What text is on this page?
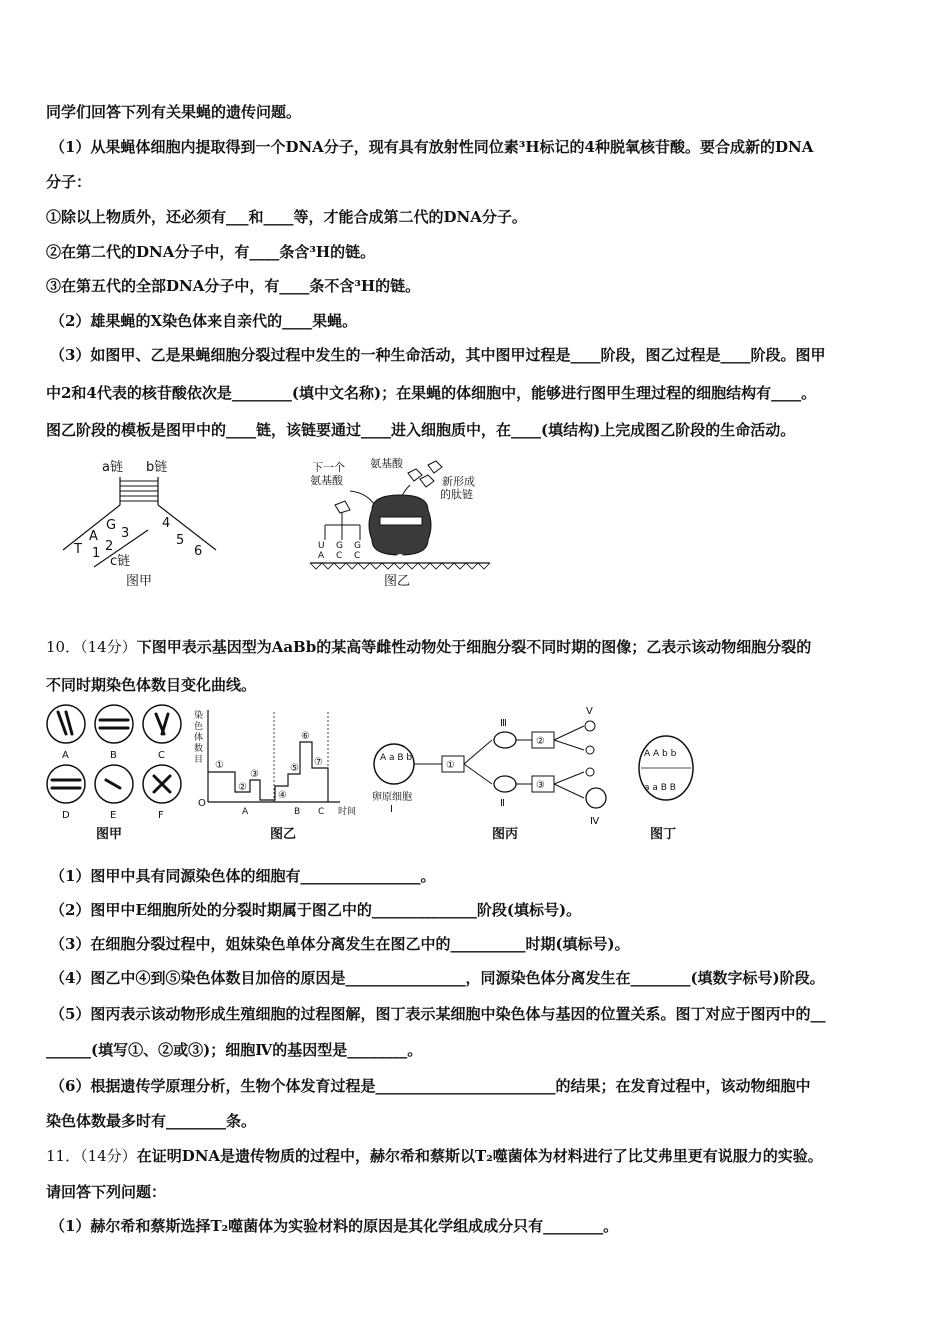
同学们回答下列有关果蝇的遗传问题。
（1）从果蝇体细胞内提取得到一个DNA分子，现有具有放射性同位素³H标记的4种脱氧核苷酸。要合成新的DNA
分子：
①除以上物质外，还必须有___和____等，才能合成第二代的DNA分子。
②在第二代的DNA分子中，有____条含³H的链。
③在第五代的全部DNA分子中，有____条不含³H的链。
（2）雄果蝇的X染色体来自亲代的____果蝇。
（3）如图甲、乙是果蝇细胞分裂过程中发生的一种生命活动，其中图甲过程是____阶段，图乙过程是____阶段。图甲
中2和4代表的核苷酸依次是________(填中文名称)；在果蝇的体细胞中，能够进行图甲生理过程的细胞结构有____。
图乙阶段的模板是图甲中的____链，该链要通过____进入细胞质中，在____(填结构)上完成图乙阶段的生命活动。
a链 b链
T
A
G
1 2
3
4
5
6
c链
图甲
下一个
氨基酸
氨基酸
新形成
的肽链
U
A
G
C
G
C
图乙
10．（14分）下图甲表示基因型为AaBb的某高等雌性动物处于细胞分裂不同时期的图像；乙表示该动物细胞分裂的
不同时期染色体数目变化曲线。
A	B	C
D	E	F
图甲
染
色
体
数
目
O
时间
①
②
③
④
⑤
⑥
⑦
A	B C
图乙
A a B b
卵原细胞
Ⅰ
①
Ⅲ
Ⅱ
②
③
Ⅴ
Ⅳ
图丙
A A b b
a a B B
图丁
（1）图甲中具有同源染色体的细胞有________________。
（2）图甲中E细胞所处的分裂时期属于图乙中的______________阶段(填标号)。
（3）在细胞分裂过程中，姐妹染色单体分离发生在图乙中的__________时期(填标号)。
（4）图乙中④到⑤染色体数目加倍的原因是________________，同源染色体分离发生在________(填数字标号)阶段。
（5）图丙表示该动物形成生殖细胞的过程图解，图丁表示某细胞中染色体与基因的位置关系。图丁对应于图丙中的__
______(填写①、②或③)；细胞Ⅳ的基因型是________。
（6）根据遗传学原理分析，生物个体发育过程是________________________的结果；在发育过程中，该动物细胞中
染色体数最多时有________条。
11．（14分）在证明DNA是遗传物质的过程中，赫尔希和蔡斯以T₂噬菌体为材料进行了比艾弗里更有说服力的实验。
请回答下列问题：
（1）赫尔希和蔡斯选择T₂噬菌体为实验材料的原因是其化学组成成分只有________。
